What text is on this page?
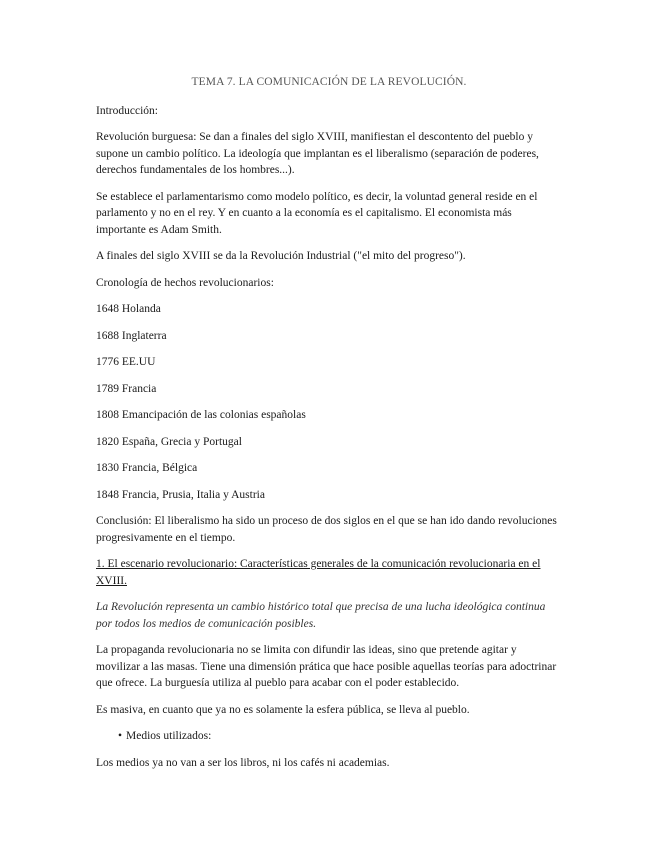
TEMA 7. LA COMUNICACIÓN DE LA REVOLUCIÓN.

Introducción:

Revolución burguesa: Se dan a finales del siglo XVIII, manifiestan el descontento del pueblo y supone un cambio político. La ideología que implantan es el liberalismo (separación de poderes, derechos fundamentales de los hombres...).

Se establece el parlamentarismo como modelo político, es decir, la voluntad general reside en el parlamento y no en el rey. Y en cuanto a la economía es el capitalismo. El economista más importante es Adam Smith.

A finales del siglo XVIII se da la Revolución Industrial ("el mito del progreso").

Cronología de hechos revolucionarios:

1648 Holanda

1688 Inglaterra

1776 EE.UU

1789 Francia

1808 Emancipación de las colonias españolas

1820 España, Grecia y Portugal

1830 Francia, Bélgica

1848 Francia, Prusia, Italia y Austria

Conclusión: El liberalismo ha sido un proceso de dos siglos en el que se han ido dando revoluciones progresivamente en el tiempo.

1. El escenario revolucionario: Características generales de la comunicación revolucionaria en el XVIII.

La Revolución representa un cambio histórico total que precisa de una lucha ideológica continua por todos los medios de comunicación posibles.

La propaganda revolucionaria no se limita con difundir las ideas, sino que pretende agitar y movilizar a las masas. Tiene una dimensión prática que hace posible aquellas teorías para adoctrinar que ofrece. La burguesía utiliza al pueblo para acabar con el poder establecido.

Es masiva, en cuanto que ya no es solamente la esfera pública, se lleva al pueblo.

• Medios utilizados:

Los medios ya no van a ser los libros, ni los cafés ni academias.
